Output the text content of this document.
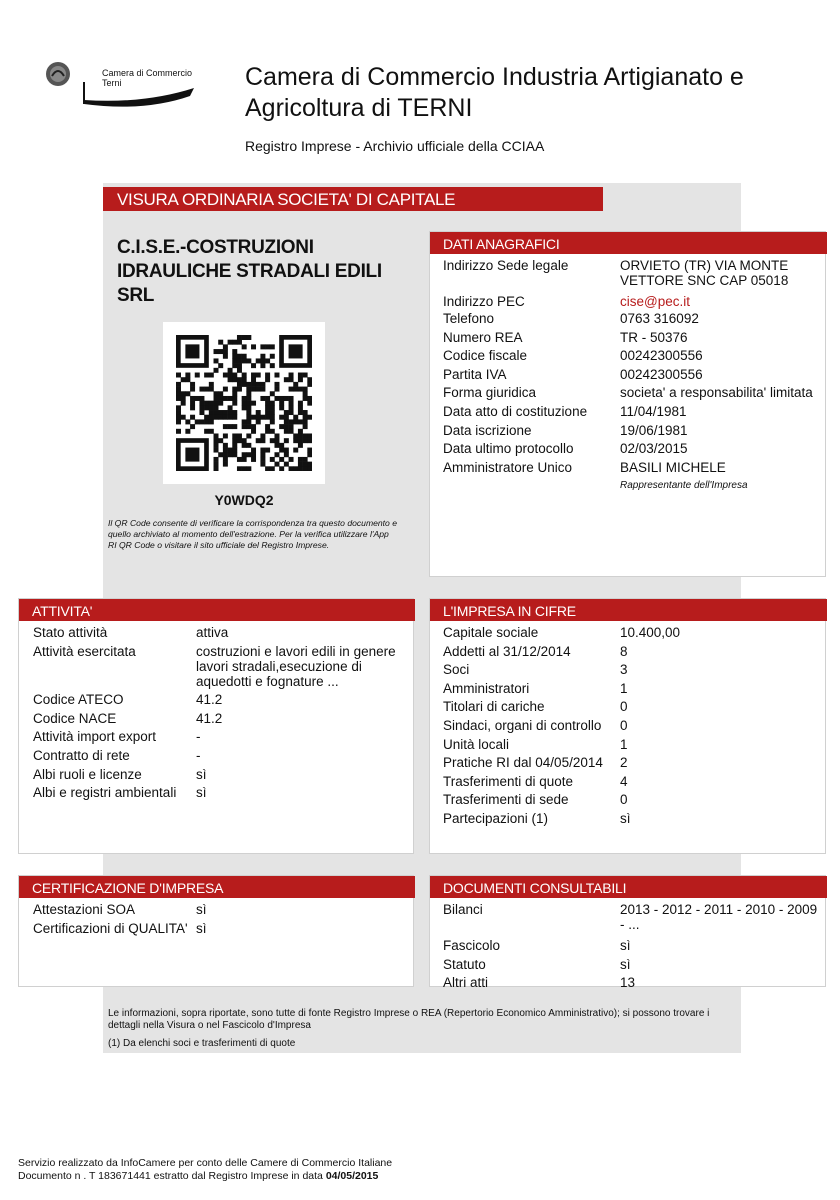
Camera di Commercio
Terni	Camera di Commercio Industria Artigianato e Agricoltura di TERNI
Registro Imprese - Archivio ufficiale della CCIAA
VISURA ORDINARIA SOCIETA' DI CAPITALE
C.I.S.E.-COSTRUZIONI IDRAULICHE STRADALI EDILI SRL
Y0WDQ2
Il QR Code consente di verificare la corrispondenza tra questo documento e quello archiviato al momento dell'estrazione. Per la verifica utilizzare l'App RI QR Code o visitare il sito ufficiale del Registro Imprese.
DATI ANAGRAFICI
Indirizzo Sede legale	ORVIETO (TR) VIA MONTE VETTORE SNC CAP 05018
Indirizzo PEC	cise@pec.it
Telefono	0763 316092
Numero REA	TR - 50376
Codice fiscale	00242300556
Partita IVA	00242300556
Forma giuridica	societa' a responsabilita' limitata
Data atto di costituzione	11/04/1981
Data iscrizione	19/06/1981
Data ultimo protocollo	02/03/2015
Amministratore Unico	BASILI MICHELE
Rappresentante dell'Impresa
ATTIVITA'
Stato attività	attiva
Attività esercitata	costruzioni e lavori edili in genere lavori stradali,esecuzione di aquedotti e fognature ...
Codice ATECO	41.2
Codice NACE	41.2
Attività import export	-
Contratto di rete	-
Albi ruoli e licenze	sì
Albi e registri ambientali	sì
L'IMPRESA IN CIFRE
Capitale sociale	10.400,00
Addetti al 31/12/2014	8
Soci	3
Amministratori	1
Titolari di cariche	0
Sindaci, organi di controllo	0
Unità locali	1
Pratiche RI dal 04/05/2014	2
Trasferimenti di quote	4
Trasferimenti di sede	0
Partecipazioni (1)	sì
CERTIFICAZIONE D'IMPRESA
Attestazioni SOA	sì
Certificazioni di QUALITA' sì
DOCUMENTI CONSULTABILI
Bilanci	2013 - 2012 - 2011 - 2010 - 2009 - ...
Fascicolo	sì
Statuto	sì
Altri atti	13
Le informazioni, sopra riportate, sono tutte di fonte Registro Imprese o REA (Repertorio Economico Amministrativo); si possono trovare i dettagli nella Visura o nel Fascicolo d'Impresa
(1) Da elenchi soci e trasferimenti di quote
Servizio realizzato da InfoCamere per conto delle Camere di Commercio Italiane
Documento n . T 183671441 estratto dal Registro Imprese in data 04/05/2015
